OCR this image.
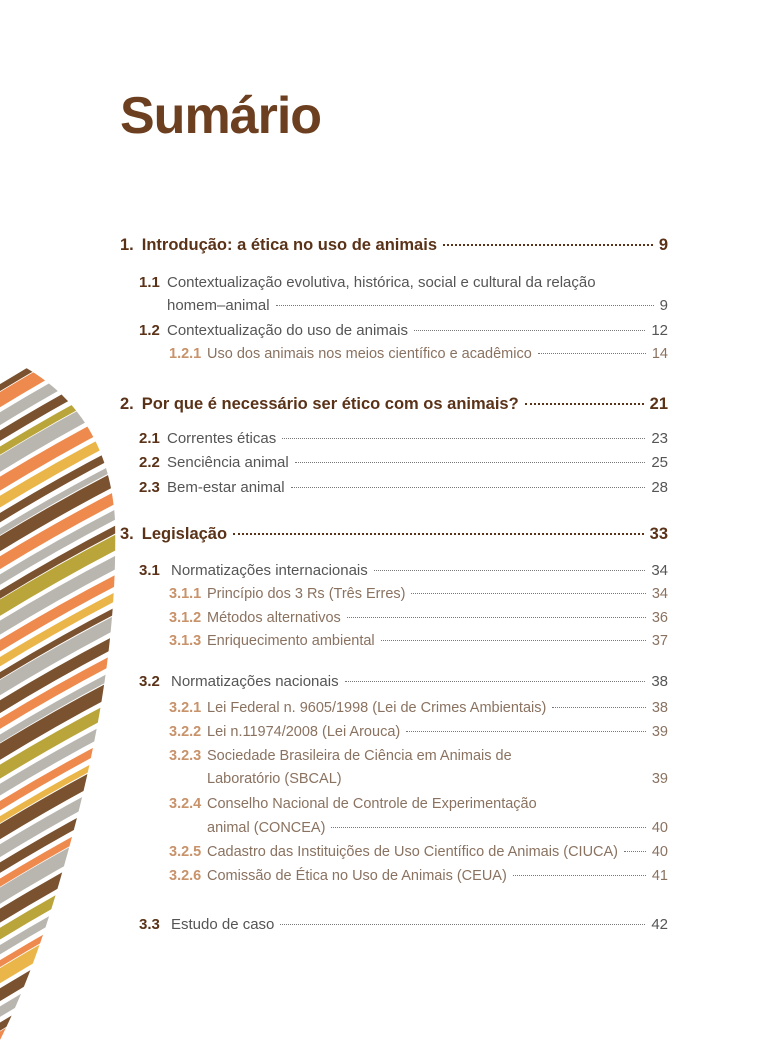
Sumário
1. Introdução: a ética no uso de animais	9
1.1 Contextualização evolutiva, histórica, social e cultural da relação
homem–animal	9
1.2 Contextualização do uso de animais	12
1.2.1 Uso dos animais nos meios científico e acadêmico	14
2. Por que é necessário ser ético com os animais?	21
2.1 Correntes éticas	23
2.2 Senciência animal	25
2.3 Bem-estar animal	28
3. Legislação	33
3.1 Normatizações internacionais	34
3.1.1 Princípio dos 3 Rs (Três Erres)	34
3.1.2 Métodos alternativos	36
3.1.3 Enriquecimento ambiental	37
3.2 Normatizações nacionais	38
3.2.1 Lei Federal n. 9605/1998 (Lei de Crimes Ambientais)	38
3.2.2 Lei n.11974/2008 (Lei Arouca)	39
3.2.3 Sociedade Brasileira de Ciência em Animais de
Laboratório (SBCAL)	39
3.2.4 Conselho Nacional de Controle de Experimentação
animal (CONCEA)	40
3.2.5 Cadastro das Instituições de Uso Científico de Animais (CIUCA) 40
3.2.6 Comissão de Ética no Uso de Animais (CEUA)	41
3.3 Estudo de caso	42
